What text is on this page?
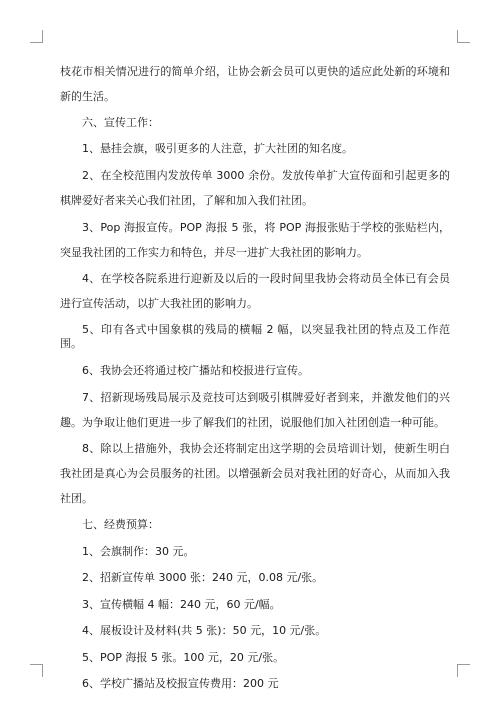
枝花市相关情况进行的简单介绍，让协会新会员可以更快的适应此处新的环境和新的生活。

六、宣传工作：

1、悬挂会旗，吸引更多的人注意，扩大社团的知名度。

2、在全校范围内发放传单 3000 余份。发放传单扩大宣传面和引起更多的棋牌爱好者来关心我们社团，了解和加入我们社团。

3、Pop 海报宣传。POP 海报 5 张，将 POP 海报张贴于学校的张贴栏内，突显我社团的工作实力和特色，并尽一进扩大我社团的影响力。

4、在学校各院系进行迎新及以后的一段时间里我协会将动员全体已有会员进行宣传活动，以扩大我社团的影响力。

5、印有各式中国象棋的残局的横幅 2 幅，以突显我社团的特点及工作范围。

6、我协会还将通过校广播站和校报进行宣传。

7、招新现场残局展示及竞技可达到吸引棋牌爱好者到来，并激发他们的兴趣。为争取让他们更进一步了解我们的社团，说服他们加入社团创造一种可能。

8、除以上措施外，我协会还将制定出这学期的会员培训计划，使新生明白我社团是真心为会员服务的社团。以增强新会员对我社团的好奇心，从而加入我社团。

七、经费预算：

1、会旗制作：30 元。

2、招新宣传单 3000 张：240 元，0.08 元/张。

3、宣传横幅 4 幅：240 元，60 元/幅。

4、展板设计及材料(共 5 张)：50 元，10 元/张。

5、POP 海报 5 张。100 元，20 元/张。

6、学校广播站及校报宣传费用：200 元
